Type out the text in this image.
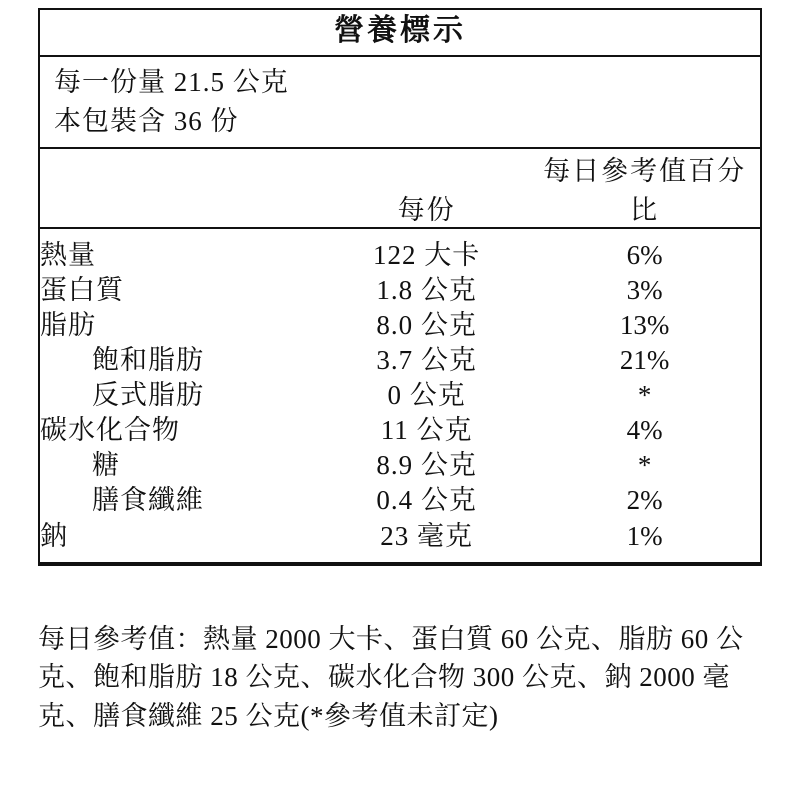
營養標示
每一份量 21.5 公克
本包裝含 36 份
	每份	每日參考值百分比
熱量	122 大卡	6%
蛋白質	1.8 公克	3%
脂肪	8.0 公克	13%
飽和脂肪	3.7 公克	21%
反式脂肪	0 公克	*
碳水化合物	11 公克	4%
糖	8.9 公克	*
膳食纖維	0.4 公克	2%
鈉	23 毫克	1%
每日參考值：熱量 2000 大卡、蛋白質 60 公克、脂肪 60 公克、飽和脂肪 18 公克、碳水化合物 300 公克、鈉 2000 毫克、膳食纖維 25 公克(*參考值未訂定)
